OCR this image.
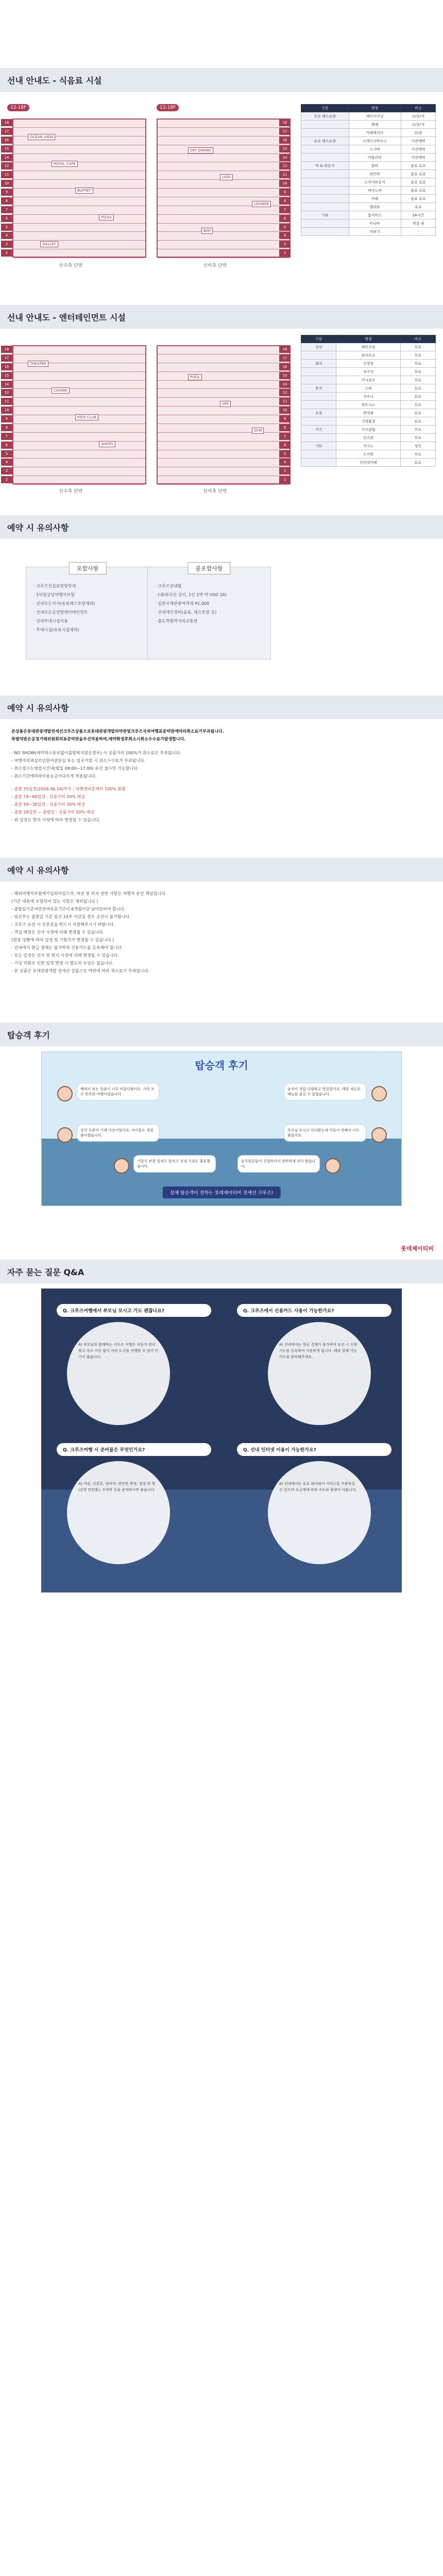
선내 안내도 - 식음료 시설
12-18F	12-18F
18	18
17	17
16	16
15	15
14	14
12	12
11	11
10	10
9	9
8	8
7	7
6	6
5	5
4	4
3	3
2	2
OCEAN VIEW
SKY DINING
ROYAL CAFE
LIDO
BUFFET
LOUNGE
PIZZA
BAR
GALLEY
선수측 단면	선미측 단면
구분	명칭	비고
무료 레스토랑	메인다이닝	조/중/석
	뷔페	조/중/석
	카페테리아	조/중
유료 레스토랑	스테이크하우스	사전예약
	스시바	사전예약
	이탈리안	사전예약
바 & 라운지	풀바	음료 유료
	와인바	음료 유료
	스카이라운지	음료 유료
	피아노바	음료 유료
	카페	음료 유료
	젤라또	유료
기타	룸서비스	24시간
	미니바	객실 내
	자판기	-
선내 안내도 - 엔터테인먼트 시설
18	18
17	17
16	16
15	15
14	14
12	12
11	11
10	10
9	9
8	8
7	7
6	6
5	5
4	4
3	3
2	2
THEATER
POOL
CASINO
SPA
KIDS CLUB
GYM
SHOPS
선수측 단면	선미측 단면
구분	명칭	비고
공연	메인극장	무료
	라이브쇼	무료
레저	수영장	무료
	자쿠지	무료
	미니골프	무료
휴식	스파	유료
	사우나	유료
	피트니스	무료
쇼핑	면세점	유료
	기념품샵	유료
키즈	키즈클럽	무료
	틴즈존	무료
기타	카지노	성인
	도서관	무료
	인터넷카페	유료
예약 시 유의사항
포함사항
· 크루즈선실료및항만세
· 1억원상당여행자보험
· 선내모든식사(유료레스토랑제외)
· 선내모든공연및엔터테인먼트
· 선내부대시설이용
· 부대시설(유료시설제외)
불포함사항
· 크루즈선내팁
· (내/외국인 상이, 1인 1박 약 USD 16)
· 일본국제관광여객세 ¥1,000
· 선내개인경비(음료, 레스토랑 등)
· 출도착항까지의교통편
예약 시 유의사항
본상품은롯데관광개발전세선크루즈상품으로롯데관광개발의약관및크루즈국외여행표준약관에따라취소료가부과됩니다.
특별약관은공정거래위원회의표준약관을우선적용하며,예약확정후취소시취소수수료가발생합니다.
- NO SHOW(예약취소통보없이출발하지않은경우) 시 상품가의 100%가 취소료로 부과됩니다.
- 여행자의과실로인한여권분실 또는 입국거절 시 취소수수료가 부과됩니다.
- 취소접수는영업시간내(평일 09:00~17:00) 유선 접수만 가능합니다.
- 취소기간에따라이용요금이다르게 적용됩니다.
- 출발 75일전(2026.06.14)까지 : 여행경비총액의 100% 환불
- 출발 74~60일전 : 상품가의 20% 배상
- 출발 59~30일전 : 상품가의 30% 배상
- 출발 29일전 ~ 출발일 : 상품가의 50% 배상
- 위 일정은 현지 사정에 따라 변경될 수 있습니다.
예약 시 유의사항
- 해외여행자보험에가입되어있으며, 여권 및 비자 관련 사항은 여행자 본인 책임입니다.
(기존 내용에 포함되어 있는 사항은 제외됩니다.)
- 출항일기준여권잔여유효기간이 6개월이상 남아있어야 합니다.
- 임산부는 출항일 기준 임신 23주 이상일 경우 승선이 불가합니다.
- 크루즈 승선 시 신분증을 반드시 지참해주시기 바랍니다.
- 객실 배정은 선사 사정에 의해 변경될 수 있습니다.
(현장 상황에 따라 일정 및 기항지가 변경될 수 있습니다.)
- 선내에서 현금 결제는 불가하며 신용카드를 등록해야 합니다.
- 모든 일정은 선사 및 현지 사정에 의해 변경될 수 있습니다.
- 기상 악화로 인한 일정 변경 시 별도의 보상은 없습니다.
- 본 상품은 롯데관광개발 전세선 상품으로 약관에 따라 취소료가 부과됩니다.
탑승객 후기
탑승객 후기
배에서 보는 일출이 너무 아름다웠어요. 가족 모두 만족한 여행이었습니다.
음식이 정말 다양하고 맛있었어요. 매일 새로운 메뉴를 즐길 수 있었습니다.
공연 수준이 기대 이상이었어요. 아이들도 정말 좋아했습니다.
부모님 모시고 다녀왔는데 이동이 편해서 너무 좋았어요.
기항지 관광 일정도 알차고 선내 시설도 훌륭했습니다.
승무원분들이 친절하셔서 편안하게 쉬다 왔습니다.
실제 탑승객이 전하는 롯데제이티비 전세선 크루즈!
롯데제이티비
자주 묻는 질문 Q&A
Q. 크루즈여행에서 부모님 모시고 가도 괜찮나요?
A) 부모님과 함께하는 크루즈 여행은 이동이 편리하고 숙소 이동 없이 여러 도시를 여행할 수 있어 인기가 많습니다.
Q. 크루즈에서 신용카드 사용이 가능한가요?
A) 선내에서는 현금 결제가 불가하며 승선 시 신용카드를 등록하여 사용하게 됩니다. 해외 결제 가능 카드를 준비해주세요.
Q. 크루즈여행 시 준비물은 무엇인가요?
A) 여권, 신분증, 상비약, 편안한 복장, 정장 한 벌(선장 만찬용), 수영복 등을 준비하시면 좋습니다.
Q. 선내 인터넷 이용이 가능한가요?
A) 선내에서는 유료 와이파이 서비스를 이용하실 수 있으며 요금제에 따라 속도와 용량이 다릅니다.
